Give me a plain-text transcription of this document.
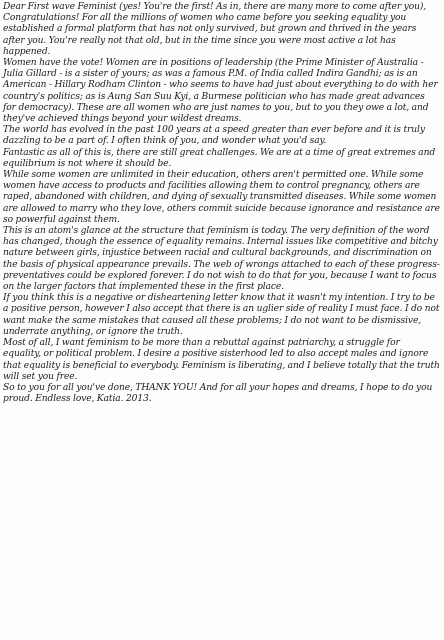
Dear First wave Feminist (yes! You're the first! As in, there are many more to come after you),

Congratulations! For all the millions of women who came before you seeking equality you established a formal platform that has not only survived, but grown and thrived in the years after you. You're really not that old, but in the time since you were most active a lot has happened.

Women have the vote! Women are in positions of leadership (the Prime Minister of Australia - Julia Gillard - is a sister of yours; as was a famous P.M. of India called Indira Gandhi; as is an American - Hillary Rodham Clinton - who seems to have had just about everything to do with her country's politics; as is Aung San Suu Kyi, a Burmese politician who has made great advances for democracy). These are all women who are just names to you, but to you they owe a lot, and they've achieved things beyond your wildest dreams.

The world has evolved in the past 100 years at a speed greater than ever before and it is truly dazzling to be a part of. I often think of you, and wonder what you'd say.

Fantastic as all of this is, there are still great challenges. We are at a time of great extremes and equilibrium is not where it should be.

While some women are unlimited in their education, others aren't permitted one. While some women have access to products and facilities allowing them to control pregnancy, others are raped, abandoned with children, and dying of sexually transmitted diseases. While some women are allowed to marry who they love, others commit suicide because ignorance and resistance are so powerful against them.

This is an atom's glance at the structure that feminism is today. The very definition of the word has changed, though the essence of equality remains. Internal issues like competitive and bitchy nature between girls, injustice between racial and cultural backgrounds, and discrimination on the basis of physical appearance prevails. The web of wrongs attached to each of these progress-preventatives could be explored forever. I do not wish to do that for you, because I want to focus on the larger factors that implemented these in the first place.

If you think this is a negative or disheartening letter know that it wasn't my intention. I try to be a positive person, however I also accept that there is an uglier side of reality I must face. I do not want make the same mistakes that caused all these problems; I do not want to be dismissive, underrate anything, or ignore the truth.

Most of all, I want feminism to be more than a rebuttal against patriarchy, a struggle for equality, or political problem. I desire a positive sisterhood led to also accept males and ignore that equality is beneficial to everybody. Feminism is liberating, and I believe totally that the truth will set you free.

So to you for all you've done, THANK YOU! And for all your hopes and dreams, I hope to do you proud. Endless love, Katia. 2013.
